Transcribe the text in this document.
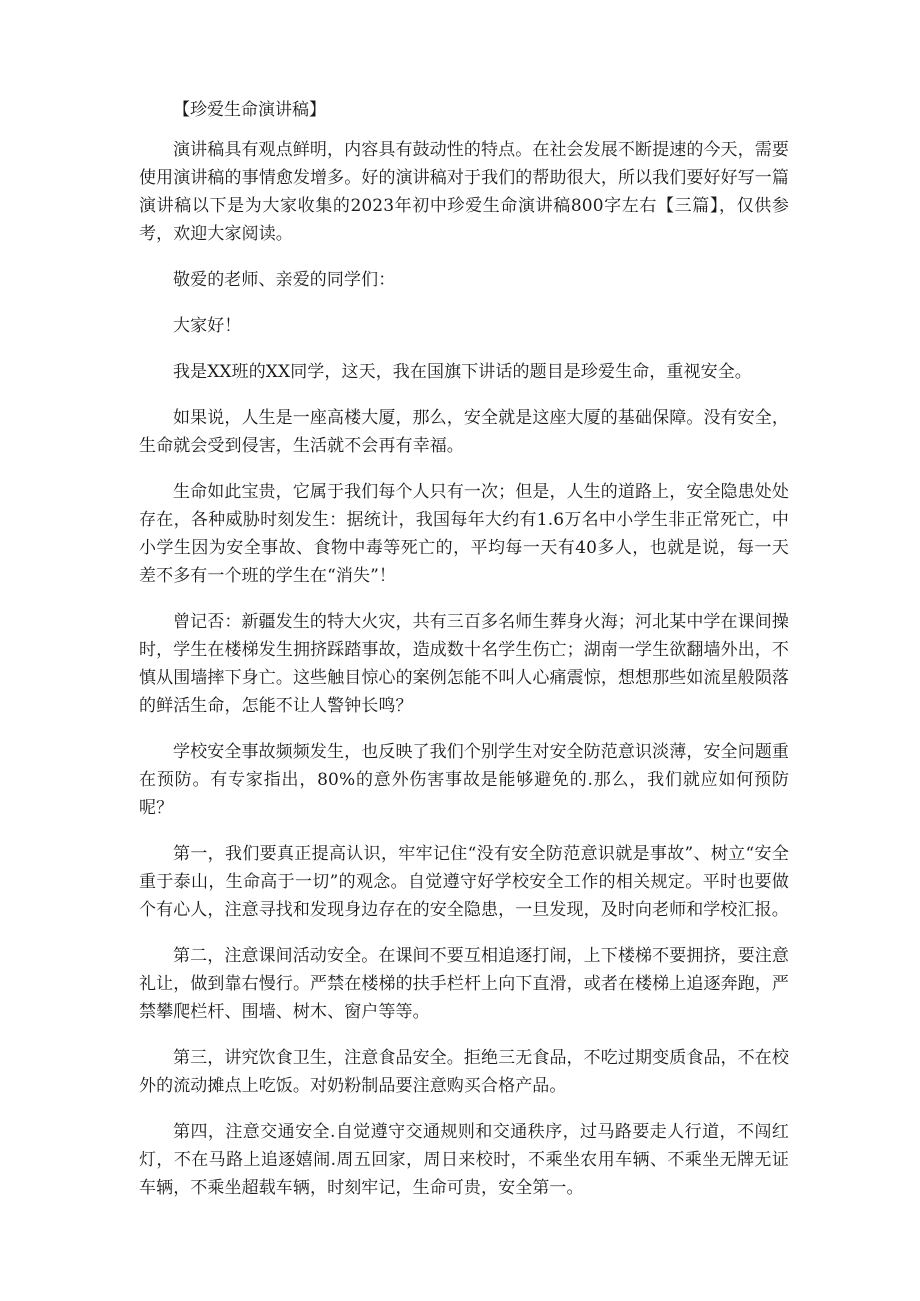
【珍爱生命演讲稿】

演讲稿具有观点鲜明，内容具有鼓动性的特点。在社会发展不断提速的今天，需要使用演讲稿的事情愈发增多。好的演讲稿对于我们的帮助很大，所以我们要好好写一篇演讲稿以下是为大家收集的2023年初中珍爱生命演讲稿800字左右【三篇】，仅供参考，欢迎大家阅读。

敬爱的老师、亲爱的同学们：

大家好！

我是XX班的XX同学，这天，我在国旗下讲话的题目是珍爱生命，重视安全。

如果说，人生是一座高楼大厦，那么，安全就是这座大厦的基础保障。没有安全，生命就会受到侵害，生活就不会再有幸福。

生命如此宝贵，它属于我们每个人只有一次；但是，人生的道路上，安全隐患处处存在，各种威胁时刻发生：据统计，我国每年大约有1.6万名中小学生非正常死亡，中小学生因为安全事故、食物中毒等死亡的，平均每一天有40多人，也就是说，每一天差不多有一个班的学生在“消失”！

曾记否：新疆发生的特大火灾，共有三百多名师生葬身火海；河北某中学在课间操时，学生在楼梯发生拥挤踩踏事故，造成数十名学生伤亡；湖南一学生欲翻墙外出，不慎从围墙摔下身亡。这些触目惊心的案例怎能不叫人心痛震惊，想想那些如流星般陨落的鲜活生命，怎能不让人警钟长鸣？

学校安全事故频频发生，也反映了我们个别学生对安全防范意识淡薄，安全问题重在预防。有专家指出，80%的意外伤害事故是能够避免的.那么，我们就应如何预防呢？

第一，我们要真正提高认识，牢牢记住“没有安全防范意识就是事故”、树立“安全重于泰山，生命高于一切”的观念。自觉遵守好学校安全工作的相关规定。平时也要做个有心人，注意寻找和发现身边存在的安全隐患，一旦发现，及时向老师和学校汇报。

第二，注意课间活动安全。在课间不要互相追逐打闹，上下楼梯不要拥挤，要注意礼让，做到靠右慢行。严禁在楼梯的扶手栏杆上向下直滑，或者在楼梯上追逐奔跑，严禁攀爬栏杆、围墙、树木、窗户等等。

第三，讲究饮食卫生，注意食品安全。拒绝三无食品，不吃过期变质食品，不在校外的流动摊点上吃饭。对奶粉制品要注意购买合格产品。

第四，注意交通安全.自觉遵守交通规则和交通秩序，过马路要走人行道，不闯红灯，不在马路上追逐嬉闹.周五回家，周日来校时，不乘坐农用车辆、不乘坐无牌无证车辆，不乘坐超载车辆，时刻牢记，生命可贵，安全第一。
